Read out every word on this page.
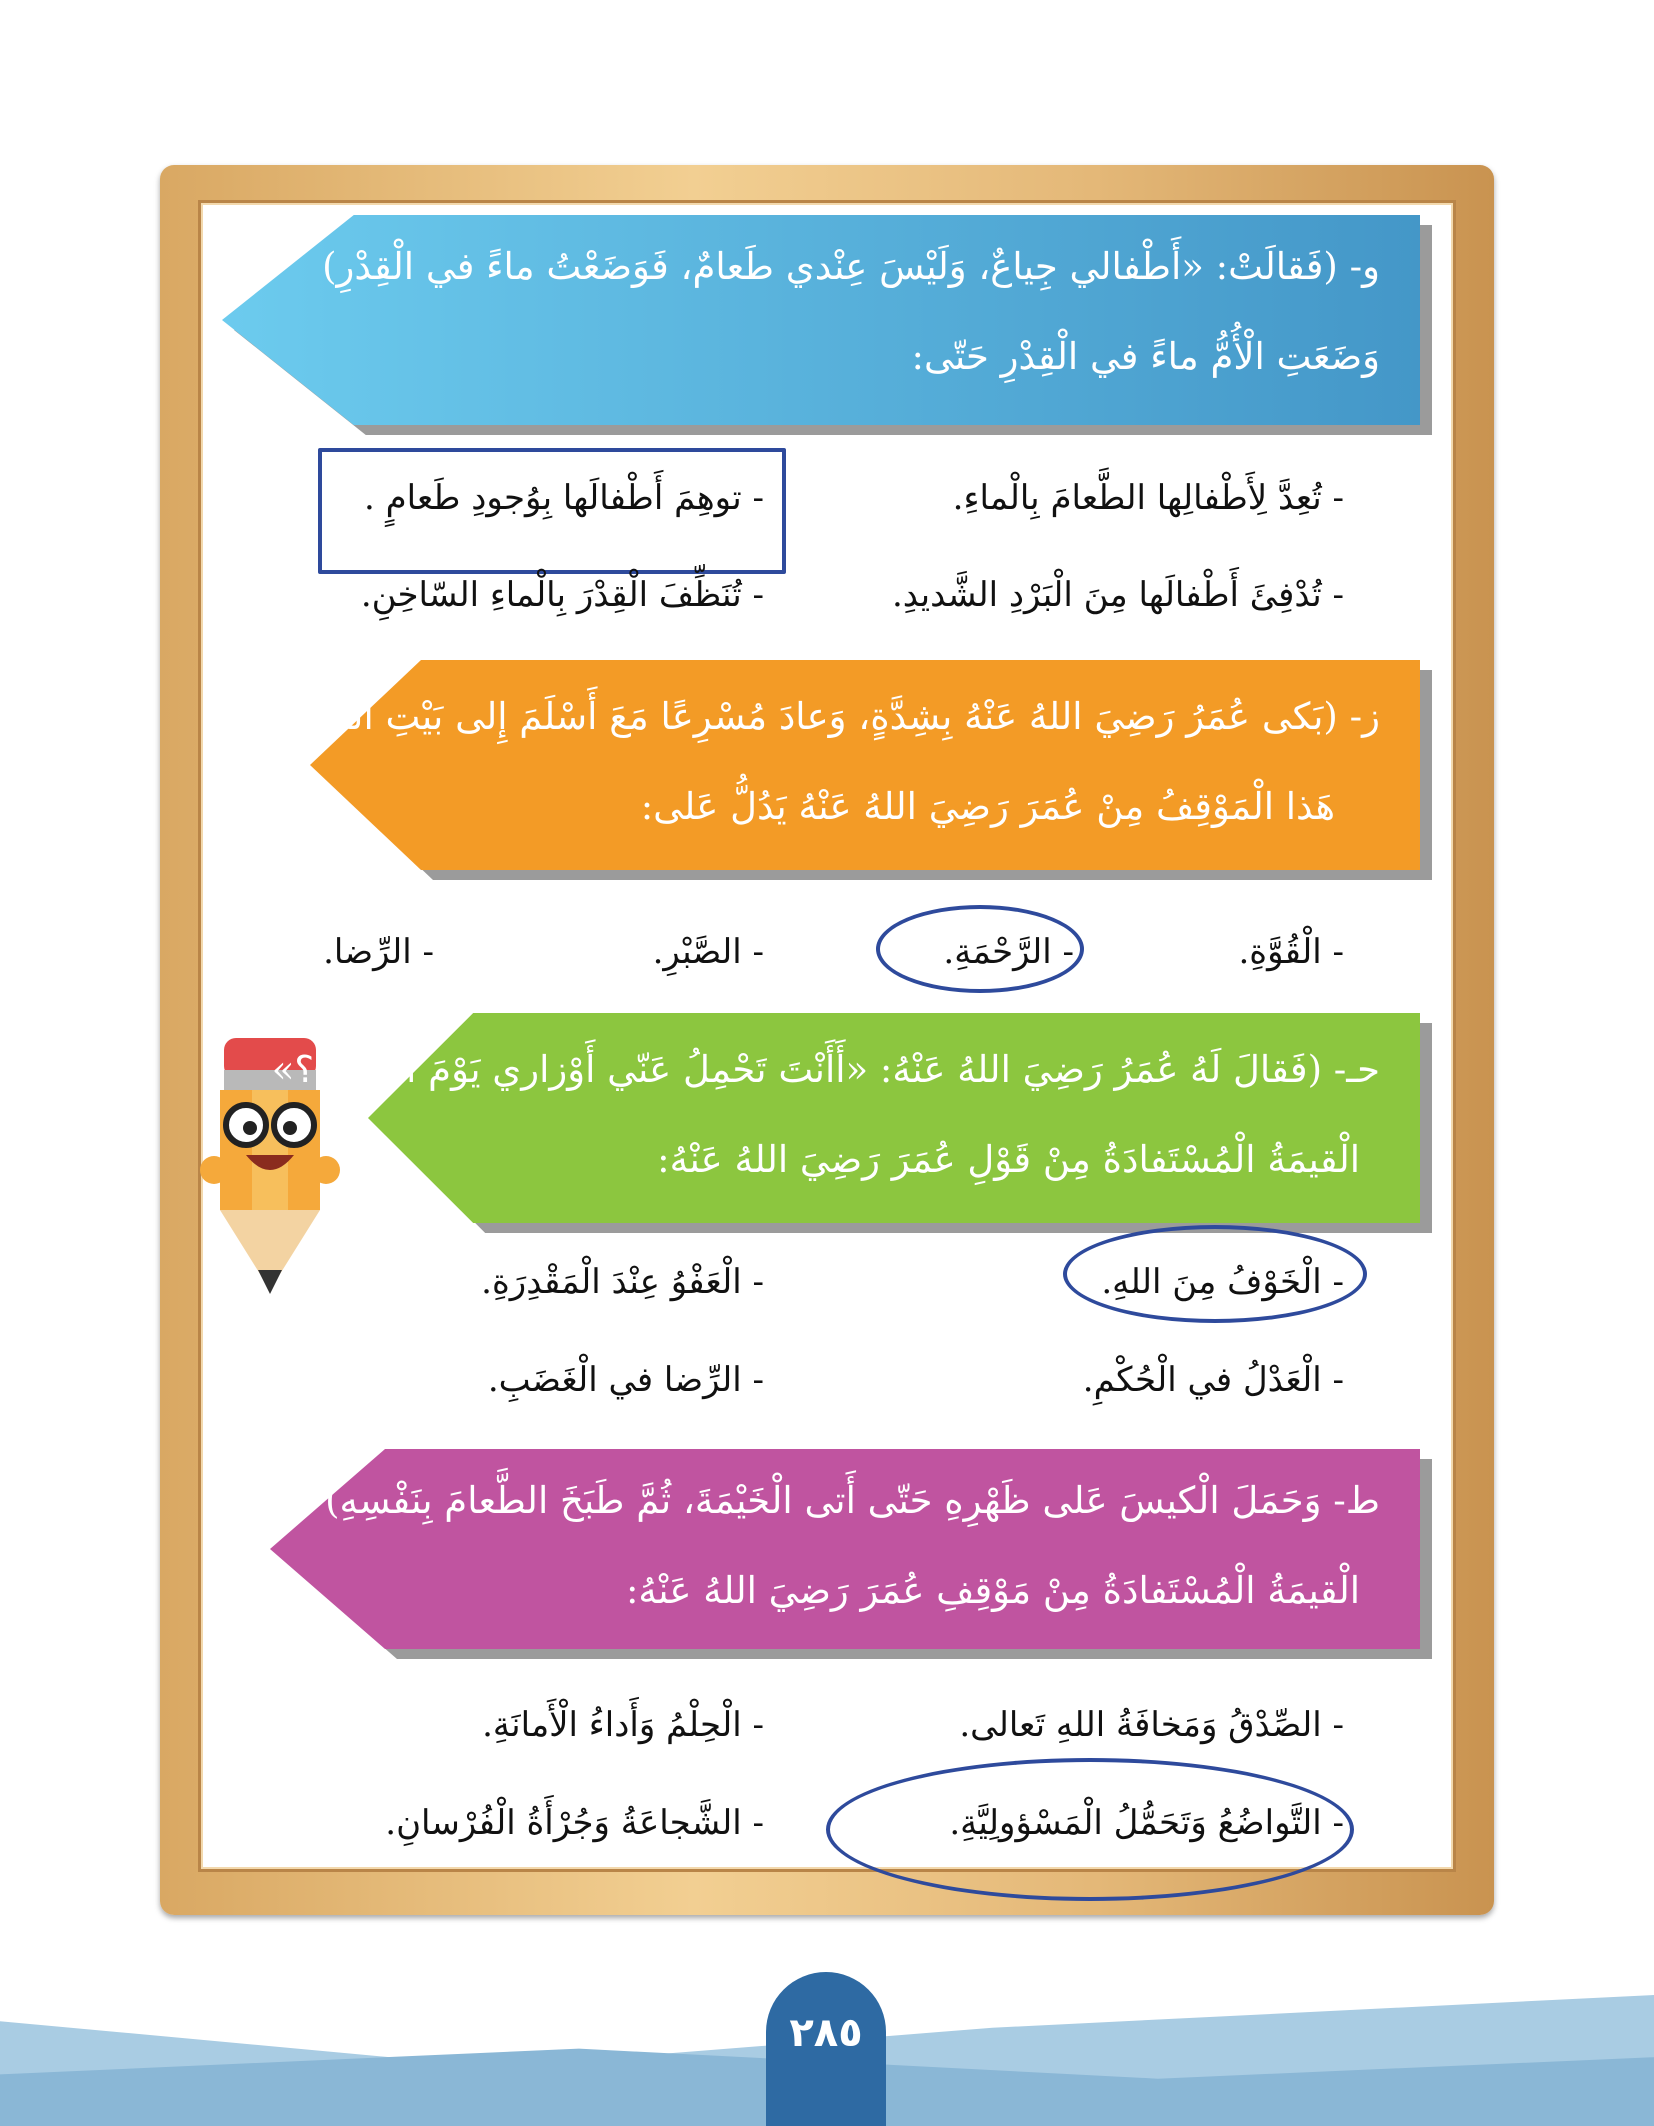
و- (فَقالَتْ: «أَطْفالي جِياعٌ، وَلَيْسَ عِنْدي طَعامٌ، فَوَضَعْتُ ماءً في الْقِدْرِ)
وَضَعَتِ الْأُمُّ ماءً في الْقِدْرِ حَتّى:
- تُعِدَّ لِأَطْفالِها الطَّعامَ بِالْماءِ.
- توهِمَ أَطْفالَها بِوُجودِ طَعامٍ .
- تُدْفِئَ أَطْفالَها مِنَ الْبَرْدِ الشَّديدِ.
- تُنَظِّفَ الْقِدْرَ بِالْماءِ السّاخِنِ.
ز- (بَكى عُمَرُ رَضِيَ اللهُ عَنْهُ بِشِدَّةٍ، وَعادَ مُسْرِعًا مَعَ أَسْلَمَ إِلى بَيْتِ الصَّدَقَةِ)
هَذا الْمَوْقِفُ مِنْ عُمَرَ رَضِيَ اللهُ عَنْهُ يَدُلُّ عَلى:
- الْقُوَّةِ.
- الرَّحْمَةِ.
- الصَّبْرِ.
- الرِّضا.
حـ- (فَقالَ لَهُ عُمَرُ رَضِيَ اللهُ عَنْهُ: «أَأَنْتَ تَحْمِلُ عَنّي أَوْزاري يَوْمَ الْقِيامَةِ؟»
الْقيمَةُ الْمُسْتَفادَةُ مِنْ قَوْلِ عُمَرَ رَضِيَ اللهُ عَنْهُ:
- الْخَوْفُ مِنَ اللهِ.
- الْعَفْوُ عِنْدَ الْمَقْدِرَةِ.
- الْعَدْلُ في الْحُكْمِ.
- الرِّضا في الْغَضَبِ.
ط- وَحَمَلَ الْكيسَ عَلى ظَهْرِهِ حَتّى أَتى الْخَيْمَةَ، ثُمَّ طَبَخَ الطَّعامَ بِنَفْسِهِ)
الْقيمَةُ الْمُسْتَفادَةُ مِنْ مَوْقِفِ عُمَرَ رَضِيَ اللهُ عَنْهُ:
- الصِّدْقُ وَمَخافَةُ اللهِ تَعالى.
- الْحِلْمُ وَأَداءُ الْأَمانَةِ.
- التَّواضُعُ وَتَحَمُّلُ الْمَسْؤولِيَّةِ.
- الشَّجاعَةُ وَجُرْأَةُ الْفُرْسانِ.
٢٨٥
